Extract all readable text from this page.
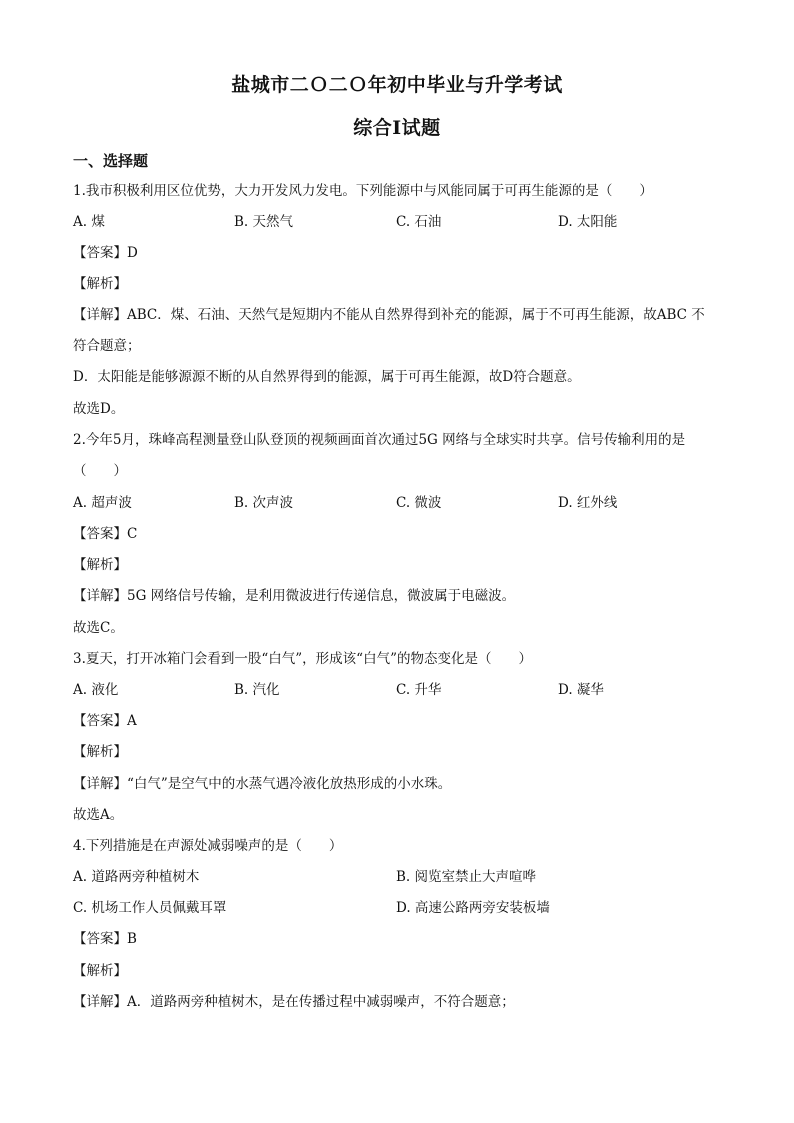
盐城市二Ｏ二Ｏ年初中毕业与升学考试
综合Ⅰ试题
一、选择题
1.我市积极利用区位优势，大力开发风力发电。下列能源中与风能同属于可再生能源的是（　　）
A. 煤	B. 天然气	C. 石油	D. 太阳能
【答案】D
【解析】
【详解】ABC．煤、石油、天然气是短期内不能从自然界得到补充的能源，属于不可再生能源，故ABC 不
符合题意；
D．太阳能是能够源源不断的从自然界得到的能源，属于可再生能源，故D符合题意。
故选D。
2.今年5月，珠峰高程测量登山队登顶的视频画面首次通过5G 网络与全球实时共享。信号传输利用的是
（　　）
A. 超声波	B. 次声波	C. 微波	D. 红外线
【答案】C
【解析】
【详解】5G 网络信号传输，是利用微波进行传递信息，微波属于电磁波。
故选C。
3.夏天，打开冰箱门会看到一股“白气”，形成该“白气”的物态变化是（　　）
A. 液化	B. 汽化	C. 升华	D. 凝华
【答案】A
【解析】
【详解】“白气”是空气中的水蒸气遇冷液化放热形成的小水珠。
故选A。
4.下列措施是在声源处减弱噪声的是（　　）
A. 道路两旁种植树木	B. 阅览室禁止大声喧哗
C. 机场工作人员佩戴耳罩	D. 高速公路两旁安装板墙
【答案】B
【解析】
【详解】A．道路两旁种植树木，是在传播过程中减弱噪声，不符合题意；
